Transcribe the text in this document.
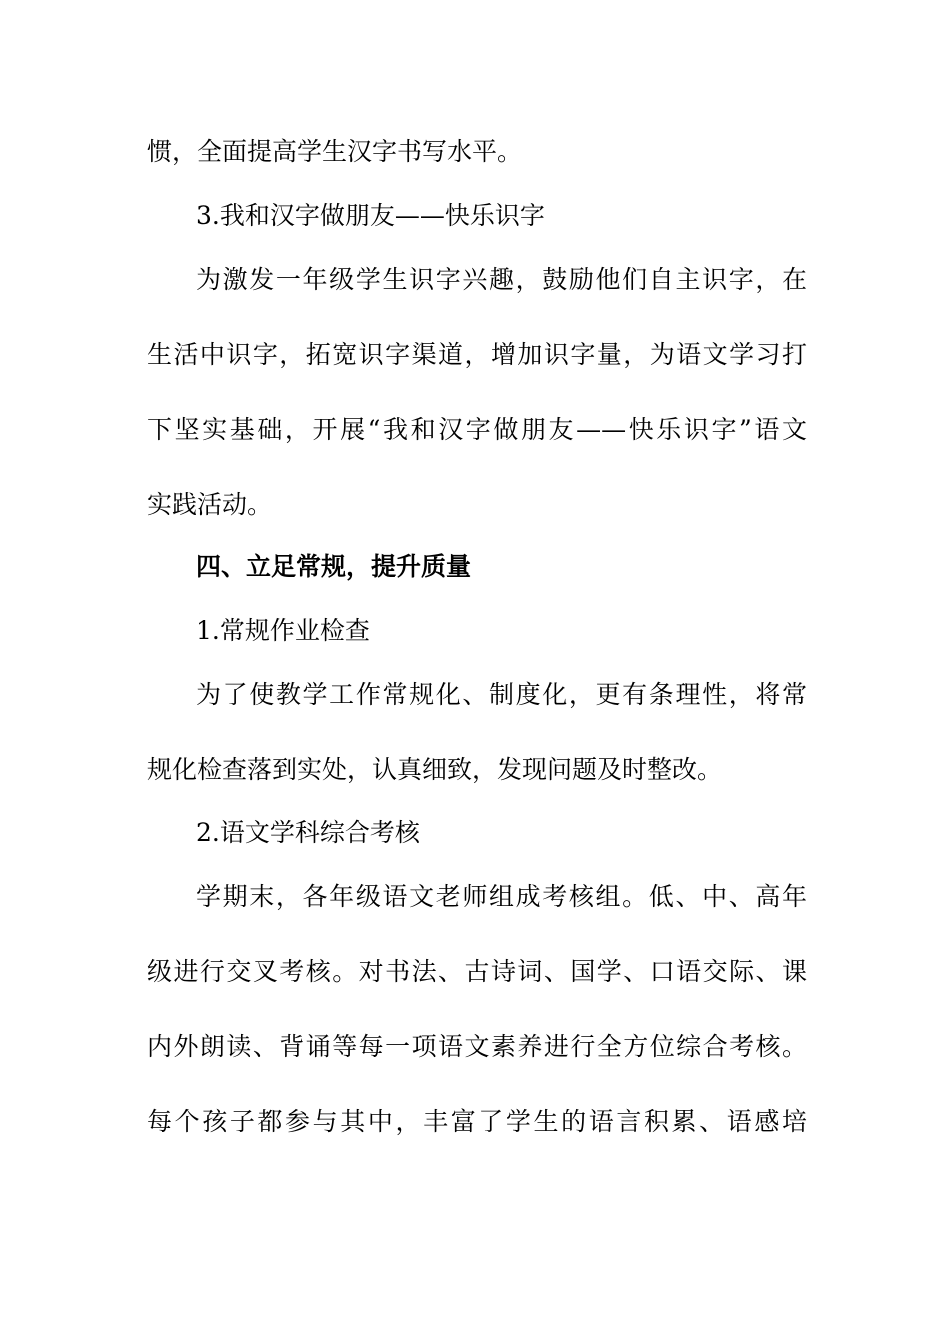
惯，全面提高学生汉字书写水平。
3.我和汉字做朋友——快乐识字
为激发一年级学生识字兴趣，鼓励他们自主识字，在
生活中识字，拓宽识字渠道，增加识字量，为语文学习打
下坚实基础，开展“我和汉字做朋友——快乐识字”语文
实践活动。
四、立足常规，提升质量
1.常规作业检查
为了使教学工作常规化、制度化，更有条理性，将常
规化检查落到实处，认真细致，发现问题及时整改。
2.语文学科综合考核
学期末，各年级语文老师组成考核组。低、中、高年
级进行交叉考核。对书法、古诗词、国学、口语交际、课
内外朗读、背诵等每一项语文素养进行全方位综合考核。
每个孩子都参与其中，丰富了学生的语言积累、语感培
